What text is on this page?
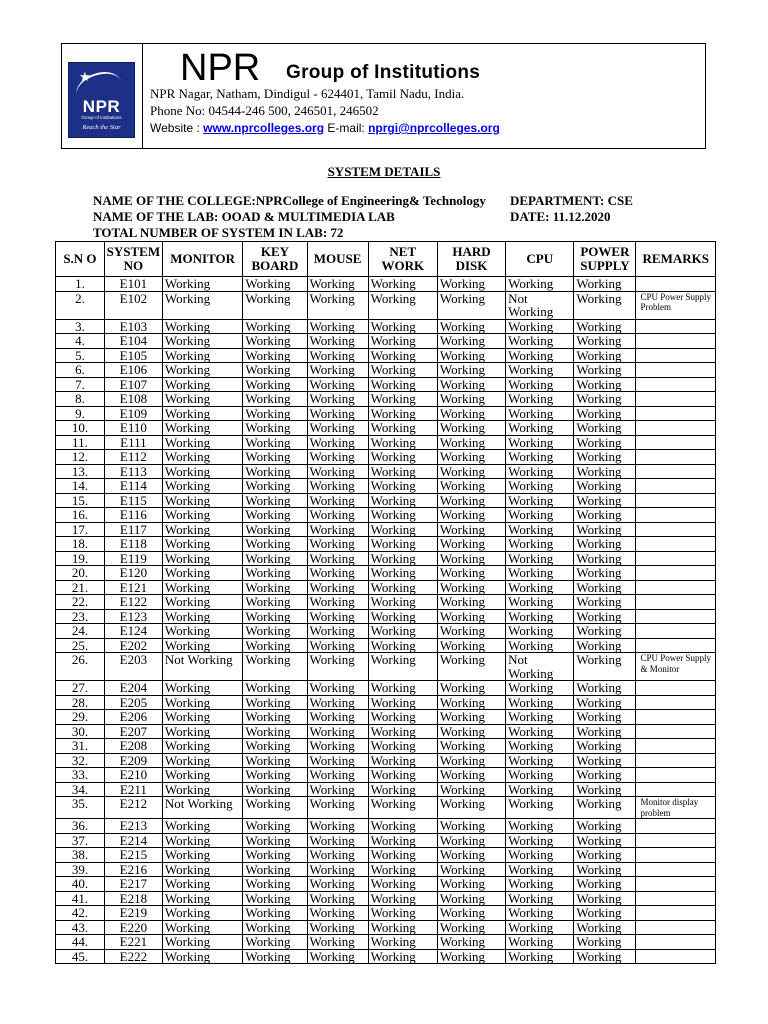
★
NPR
Group of Institutions
Reach the Star
NPR Group of Institutions
NPR Nagar, Natham, Dindigul - 624401, Tamil Nadu, India.
Phone No: 04544-246 500, 246501, 246502
Website : www.nprcolleges.org E-mail: nprgi@nprcolleges.org
SYSTEM DETAILS
NAME OF THE COLLEGE:NPRCollege of Engineering& Technology DEPARTMENT: CSE
NAME OF THE LAB: OOAD & MULTIMEDIA LAB	DATE: 11.12.2020
TOTAL NUMBER OF SYSTEM IN LAB: 72
S.N O	SYSTEM NO	MONITOR	KEY BOARD	MOUSE	NET WORK	HARD DISK	CPU	POWER SUPPLY	REMARKS
1.	E101	Working	Working	Working	Working	Working	Working	Working	
2.	E102	Working	Working	Working	Working	Working	Not Working	Working	CPU Power Supply Problem
3.	E103	Working	Working	Working	Working	Working	Working	Working	
4.	E104	Working	Working	Working	Working	Working	Working	Working	
5.	E105	Working	Working	Working	Working	Working	Working	Working	
6.	E106	Working	Working	Working	Working	Working	Working	Working	
7.	E107	Working	Working	Working	Working	Working	Working	Working	
8.	E108	Working	Working	Working	Working	Working	Working	Working	
9.	E109	Working	Working	Working	Working	Working	Working	Working	
10.	E110	Working	Working	Working	Working	Working	Working	Working	
11.	E111	Working	Working	Working	Working	Working	Working	Working	
12.	E112	Working	Working	Working	Working	Working	Working	Working	
13.	E113	Working	Working	Working	Working	Working	Working	Working	
14.	E114	Working	Working	Working	Working	Working	Working	Working	
15.	E115	Working	Working	Working	Working	Working	Working	Working	
16.	E116	Working	Working	Working	Working	Working	Working	Working	
17.	E117	Working	Working	Working	Working	Working	Working	Working	
18.	E118	Working	Working	Working	Working	Working	Working	Working	
19.	E119	Working	Working	Working	Working	Working	Working	Working	
20.	E120	Working	Working	Working	Working	Working	Working	Working	
21.	E121	Working	Working	Working	Working	Working	Working	Working	
22.	E122	Working	Working	Working	Working	Working	Working	Working	
23.	E123	Working	Working	Working	Working	Working	Working	Working	
24.	E124	Working	Working	Working	Working	Working	Working	Working	
25.	E202	Working	Working	Working	Working	Working	Working	Working	
26.	E203	Not Working	Working	Working	Working	Working	Not Working	Working	CPU Power Supply & Monitor
27.	E204	Working	Working	Working	Working	Working	Working	Working	
28.	E205	Working	Working	Working	Working	Working	Working	Working	
29.	E206	Working	Working	Working	Working	Working	Working	Working	
30.	E207	Working	Working	Working	Working	Working	Working	Working	
31.	E208	Working	Working	Working	Working	Working	Working	Working	
32.	E209	Working	Working	Working	Working	Working	Working	Working	
33.	E210	Working	Working	Working	Working	Working	Working	Working	
34.	E211	Working	Working	Working	Working	Working	Working	Working	
35.	E212	Not Working	Working	Working	Working	Working	Working	Working	Monitor display problem
36.	E213	Working	Working	Working	Working	Working	Working	Working	
37.	E214	Working	Working	Working	Working	Working	Working	Working	
38.	E215	Working	Working	Working	Working	Working	Working	Working	
39.	E216	Working	Working	Working	Working	Working	Working	Working	
40.	E217	Working	Working	Working	Working	Working	Working	Working	
41.	E218	Working	Working	Working	Working	Working	Working	Working	
42.	E219	Working	Working	Working	Working	Working	Working	Working	
43.	E220	Working	Working	Working	Working	Working	Working	Working	
44.	E221	Working	Working	Working	Working	Working	Working	Working	
45.	E222	Working	Working	Working	Working	Working	Working	Working	
